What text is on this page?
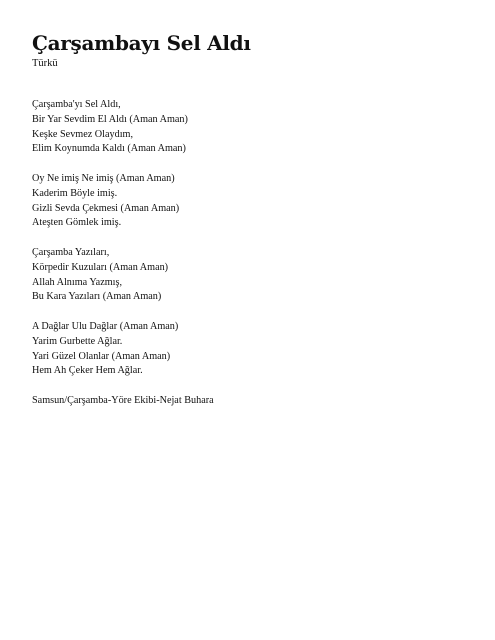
Çarşambayı Sel Aldı
Türkü
Çarşamba'yı Sel Aldı,
Bir Yar Sevdim El Aldı (Aman Aman)
Keşke Sevmez Olaydım,
Elim Koynumda Kaldı (Aman Aman)
Oy Ne imiş Ne imiş (Aman Aman)
Kaderim Böyle imiş.
Gizli Sevda Çekmesi (Aman Aman)
Ateşten Gömlek imiş.
Çarşamba Yazıları,
Körpedir Kuzuları (Aman Aman)
Allah Alnıma Yazmış,
Bu Kara Yazıları (Aman Aman)
A Dağlar Ulu Dağlar (Aman Aman)
Yarim Gurbette Ağlar.
Yari Güzel Olanlar (Aman Aman)
Hem Ah Çeker Hem Ağlar.
Samsun/Çarşamba-Yöre Ekibi-Nejat Buhara
